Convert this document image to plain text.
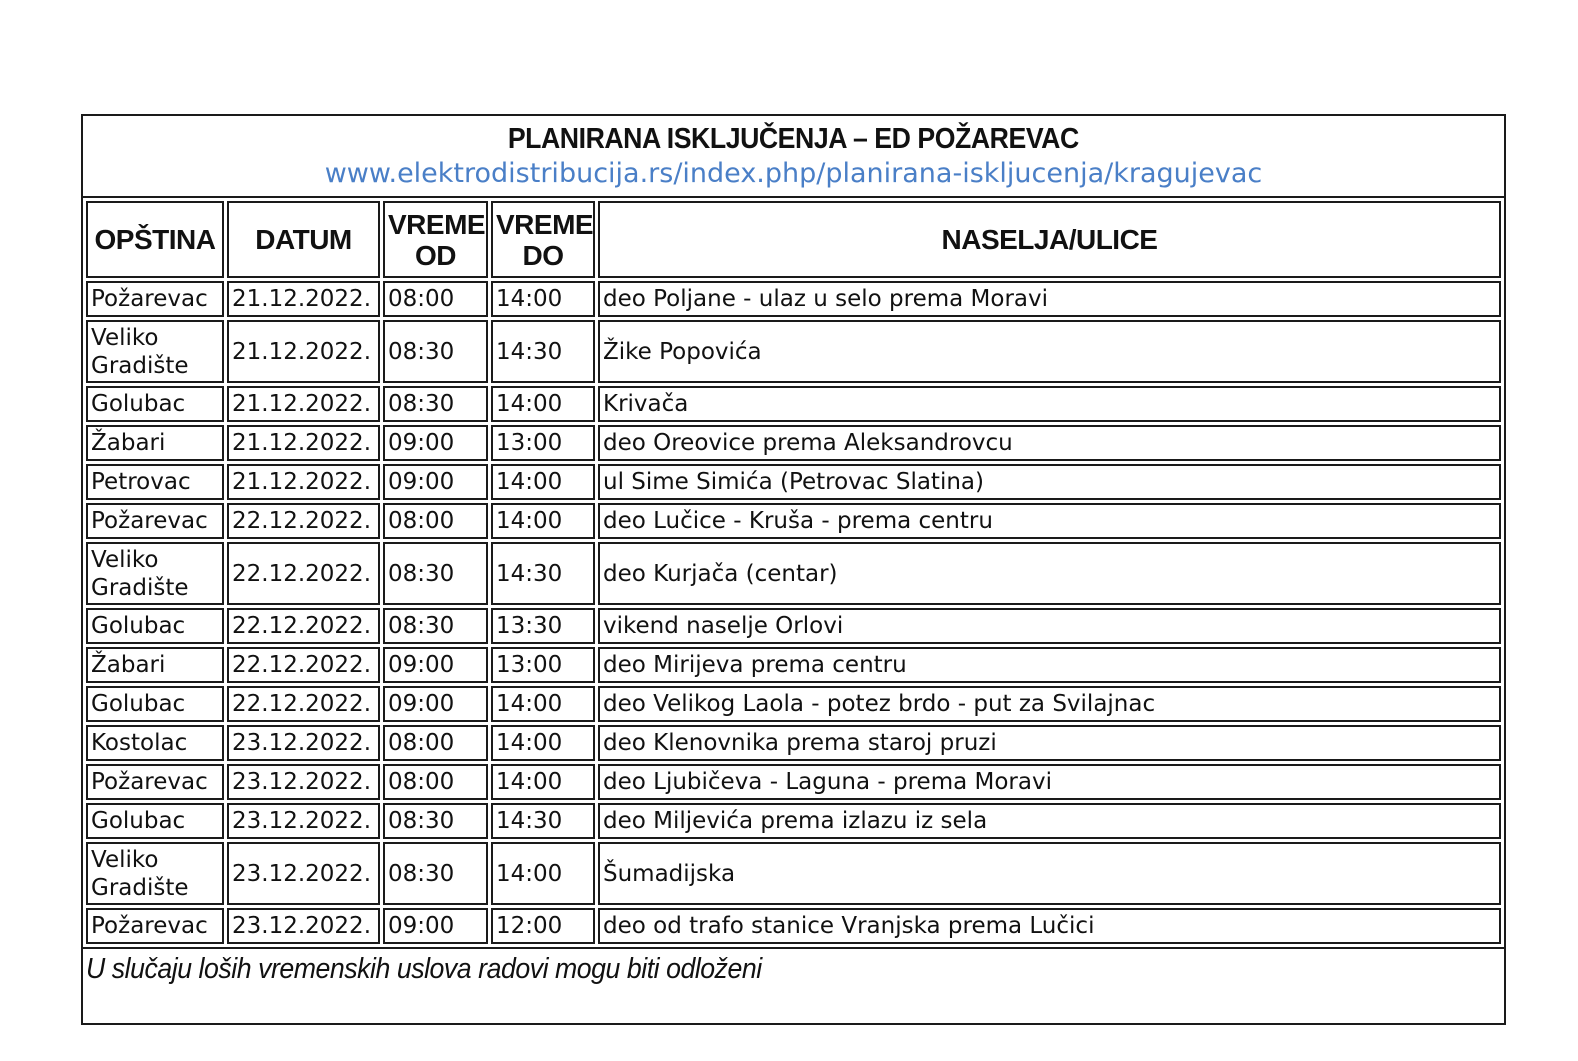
PLANIRANA ISKLJUČENJA – ED POŽAREVAC
www.elektrodistribucija.rs/index.php/planirana-iskljucenja/kragujevac
OPŠTINA	DATUM	VREME OD	VREME DO	NASELJA/ULICE
Požarevac	21.12.2022.	08:00	14:00	deo Poljane - ulaz u selo prema Moravi
Veliko Gradište	21.12.2022.	08:30	14:30	Žike Popovića
Golubac	21.12.2022.	08:30	14:00	Krivača
Žabari	21.12.2022.	09:00	13:00	deo Oreovice prema Aleksandrovcu
Petrovac	21.12.2022.	09:00	14:00	ul Sime Simića (Petrovac Slatina)
Požarevac	22.12.2022.	08:00	14:00	deo Lučice - Kruša - prema centru
Veliko Gradište	22.12.2022.	08:30	14:30	deo Kurjača (centar)
Golubac	22.12.2022.	08:30	13:30	vikend naselje Orlovi
Žabari	22.12.2022.	09:00	13:00	deo Mirijeva prema centru
Golubac	22.12.2022.	09:00	14:00	deo Velikog Laola - potez brdo - put za Svilajnac
Kostolac	23.12.2022.	08:00	14:00	deo Klenovnika prema staroj pruzi
Požarevac	23.12.2022.	08:00	14:00	deo Ljubičeva - Laguna - prema Moravi
Golubac	23.12.2022.	08:30	14:30	deo Miljevića prema izlazu iz sela
Veliko Gradište	23.12.2022.	08:30	14:00	Šumadijska
Požarevac	23.12.2022.	09:00	12:00	deo od trafo stanice Vranjska prema Lučici
U slučaju loših vremenskih uslova radovi mogu biti odloženi
